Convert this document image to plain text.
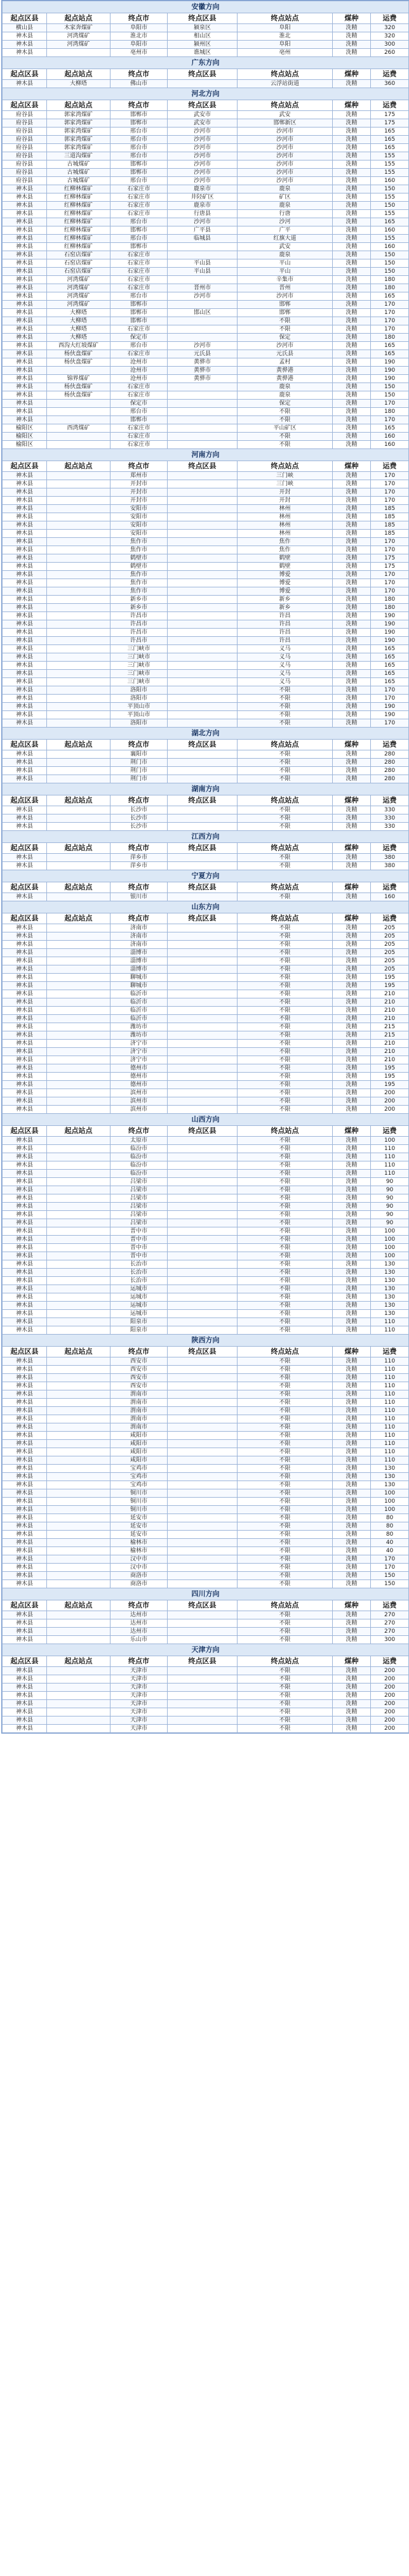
安徽方向						
起点区县	起点站点	终点市	终点区县	终点站点	煤种	运费
横山县	木家奔煤矿	阜阳市	颍泉区	阜阳	洗精	320
神木县	河湾煤矿	淮北市	相山区	淮北	洗精	320
神木县	河湾煤矿	阜阳市	颍州区	阜阳	洗精	300
神木县		亳州市	谯城区	亳州	洗精	260
广东方向						
起点区县	起点站点	终点市	终点区县	终点站点	煤种	运费
神木县	大柳塔	佛山市		云浮站街道	洗精	360
河北方向						
起点区县	起点站点	终点市	终点区县	终点站点	煤种	运费
府谷县	郭家湾煤矿	邯郸市	武安市	武安	洗精	175
府谷县	郭家湾煤矿	邯郸市	武安市	邯郸新区	洗精	175
府谷县	郭家湾煤矿	邢台市	沙河市	沙河市	洗精	165
府谷县	郭家湾煤矿	邢台市	沙河市	沙河市	洗精	165
府谷县	郭家湾煤矿	邢台市	沙河市	沙河市	洗精	165
府谷县	三道沟煤矿	邢台市	沙河市	沙河市	洗精	155
府谷县	古城煤矿	邯郸市	沙河市	沙河市	洗精	155
府谷县	古城煤矿	邯郸市	沙河市	沙河市	洗精	155
府谷县	古城煤矿	邢台市	沙河市	沙河市	洗精	160
神木县	红柳林煤矿	石家庄市	鹿泉市	鹿泉	洗精	150
神木县	红柳林煤矿	石家庄市	井陉矿区	矿区	洗精	155
神木县	红柳林煤矿	石家庄市	鹿泉市	鹿泉	洗精	150
神木县	红柳林煤矿	石家庄市	行唐县	行唐	洗精	155
神木县	红柳林煤矿	邢台市	沙河市	沙河	洗精	165
神木县	红柳林煤矿	邯郸市	广平县	广平	洗精	160
神木县	红柳林煤矿	邢台市	临城县	红旗大道	洗精	155
神木县	红柳林煤矿	邯郸市		武安	洗精	160
神木县	石窑店煤矿	石家庄市		鹿泉	洗精	150
神木县	石窑店煤矿	石家庄市	平山县	平山	洗精	150
神木县	石窑店煤矿	石家庄市	平山县	平山	洗精	150
神木县	河湾煤矿	石家庄市		辛集市	洗精	180
神木县	河湾煤矿	石家庄市	晋州市	晋州	洗精	180
神木县	河湾煤矿	邢台市	沙河市	沙河市	洗精	165
神木县	河湾煤矿	邯郸市		邯郸	洗精	170
神木县	大柳塔	邯郸市	邯山区	邯郸	洗精	170
神木县	大柳塔	邯郸市		不限	洗精	170
神木县	大柳塔	石家庄市		不限	洗精	170
神木县	大柳塔	保定市		保定	洗精	180
神木县	西沟大红坡煤矿	邢台市	沙河市	沙河市	洗精	165
神木县	杨伙盘煤矿	石家庄市	元氏县	元氏县	洗精	165
神木县	杨伙盘煤矿	沧州市	黄骅市	孟村	洗精	190
神木县		沧州市	黄骅市	黄骅港	洗精	190
神木县	锦界煤矿	沧州市	黄骅市	黄骅港	洗精	190
神木县	杨伙盘煤矿	石家庄市		鹿泉	洗精	150
神木县	杨伙盘煤矿	石家庄市		鹿泉	洗精	150
神木县		保定市		保定	洗精	170
神木县		邢台市		不限	洗精	180
神木县		邯郸市		不限	洗精	170
榆阳区	西湾煤矿	石家庄市		平山矿区	洗精	165
榆阳区		石家庄市		不限	洗精	160
榆阳区		石家庄市		不限	洗精	160
河南方向						
起点区县	起点站点	终点市	终点区县	终点站点	煤种	运费
神木县		郑州市		三门峡	洗精	170
神木县		开封市		三门峡	洗精	170
神木县		开封市		开封	洗精	170
神木县		开封市		开封	洗精	170
神木县		安阳市		林州	洗精	185
神木县		安阳市		林州	洗精	185
神木县		安阳市		林州	洗精	185
神木县		安阳市		林州	洗精	185
神木县		焦作市		焦作	洗精	170
神木县		焦作市		焦作	洗精	170
神木县		鹤壁市		鹤壁	洗精	175
神木县		鹤壁市		鹤壁	洗精	175
神木县		焦作市		博爱	洗精	170
神木县		焦作市		博爱	洗精	170
神木县		焦作市		博爱	洗精	170
神木县		新乡市		新乡	洗精	180
神木县		新乡市		新乡	洗精	180
神木县		许昌市		许昌	洗精	190
神木县		许昌市		许昌	洗精	190
神木县		许昌市		许昌	洗精	190
神木县		许昌市		许昌	洗精	190
神木县		三门峡市		义马	洗精	165
神木县		三门峡市		义马	洗精	165
神木县		三门峡市		义马	洗精	165
神木县		三门峡市		义马	洗精	165
神木县		三门峡市		义马	洗精	165
神木县		洛阳市		不限	洗精	170
神木县		洛阳市		不限	洗精	170
神木县		平顶山市		不限	洗精	190
神木县		平顶山市		不限	洗精	190
神木县		洛阳市		不限	洗精	170
湖北方向						
起点区县	起点站点	终点市	终点区县	终点站点	煤种	运费
神木县		襄阳市		不限	洗精	280
神木县		荆门市		不限	洗精	280
神木县		荆门市		不限	洗精	280
神木县		荆门市		不限	洗精	280
湖南方向						
起点区县	起点站点	终点市	终点区县	终点站点	煤种	运费
神木县		长沙市		不限	洗精	330
神木县		长沙市		不限	洗精	330
神木县		长沙市		不限	洗精	330
江西方向						
起点区县	起点站点	终点市	终点区县	终点站点	煤种	运费
神木县		萍乡市		不限	洗精	380
神木县		萍乡市		不限	洗精	380
宁夏方向						
起点区县	起点站点	终点市	终点区县	终点站点	煤种	运费
神木县		银川市		不限	洗精	160
山东方向						
起点区县	起点站点	终点市	终点区县	终点站点	煤种	运费
神木县		济南市		不限	洗精	205
神木县		济南市		不限	洗精	205
神木县		济南市		不限	洗精	205
神木县		淄博市		不限	洗精	205
神木县		淄博市		不限	洗精	205
神木县		淄博市		不限	洗精	205
神木县		聊城市		不限	洗精	195
神木县		聊城市		不限	洗精	195
神木县		临沂市		不限	洗精	210
神木县		临沂市		不限	洗精	210
神木县		临沂市		不限	洗精	210
神木县		临沂市		不限	洗精	210
神木县		潍坊市		不限	洗精	215
神木县		潍坊市		不限	洗精	215
神木县		济宁市		不限	洗精	210
神木县		济宁市		不限	洗精	210
神木县		济宁市		不限	洗精	210
神木县		德州市		不限	洗精	195
神木县		德州市		不限	洗精	195
神木县		德州市		不限	洗精	195
神木县		滨州市		不限	洗精	200
神木县		滨州市		不限	洗精	200
神木县		滨州市		不限	洗精	200
山西方向						
起点区县	起点站点	终点市	终点区县	终点站点	煤种	运费
神木县		太原市		不限	洗精	100
神木县		临汾市		不限	洗精	110
神木县		临汾市		不限	洗精	110
神木县		临汾市		不限	洗精	110
神木县		临汾市		不限	洗精	110
神木县		吕梁市		不限	洗精	90
神木县		吕梁市		不限	洗精	90
神木县		吕梁市		不限	洗精	90
神木县		吕梁市		不限	洗精	90
神木县		吕梁市		不限	洗精	90
神木县		吕梁市		不限	洗精	90
神木县		晋中市		不限	洗精	100
神木县		晋中市		不限	洗精	100
神木县		晋中市		不限	洗精	100
神木县		晋中市		不限	洗精	100
神木县		长治市		不限	洗精	130
神木县		长治市		不限	洗精	130
神木县		长治市		不限	洗精	130
神木县		运城市		不限	洗精	130
神木县		运城市		不限	洗精	130
神木县		运城市		不限	洗精	130
神木县		运城市		不限	洗精	130
神木县		阳泉市		不限	洗精	110
神木县		阳泉市		不限	洗精	110
陕西方向						
起点区县	起点站点	终点市	终点区县	终点站点	煤种	运费
神木县		西安市		不限	洗精	110
神木县		西安市		不限	洗精	110
神木县		西安市		不限	洗精	110
神木县		西安市		不限	洗精	110
神木县		渭南市		不限	洗精	110
神木县		渭南市		不限	洗精	110
神木县		渭南市		不限	洗精	110
神木县		渭南市		不限	洗精	110
神木县		渭南市		不限	洗精	110
神木县		咸阳市		不限	洗精	110
神木县		咸阳市		不限	洗精	110
神木县		咸阳市		不限	洗精	110
神木县		咸阳市		不限	洗精	110
神木县		宝鸡市		不限	洗精	130
神木县		宝鸡市		不限	洗精	130
神木县		宝鸡市		不限	洗精	130
神木县		铜川市		不限	洗精	100
神木县		铜川市		不限	洗精	100
神木县		铜川市		不限	洗精	100
神木县		延安市		不限	洗精	80
神木县		延安市		不限	洗精	80
神木县		延安市		不限	洗精	80
神木县		榆林市		不限	洗精	40
神木县		榆林市		不限	洗精	40
神木县		汉中市		不限	洗精	170
神木县		汉中市		不限	洗精	170
神木县		商洛市		不限	洗精	150
神木县		商洛市		不限	洗精	150
四川方向						
起点区县	起点站点	终点市	终点区县	终点站点	煤种	运费
神木县		达州市		不限	洗精	270
神木县		达州市		不限	洗精	270
神木县		达州市		不限	洗精	270
神木县		乐山市		不限	洗精	300
天津方向						
起点区县	起点站点	终点市	终点区县	终点站点	煤种	运费
神木县		天津市		不限	洗精	200
神木县		天津市		不限	洗精	200
神木县		天津市		不限	洗精	200
神木县		天津市		不限	洗精	200
神木县		天津市		不限	洗精	200
神木县		天津市		不限	洗精	200
神木县		天津市		不限	洗精	200
神木县		天津市		不限	洗精	200
